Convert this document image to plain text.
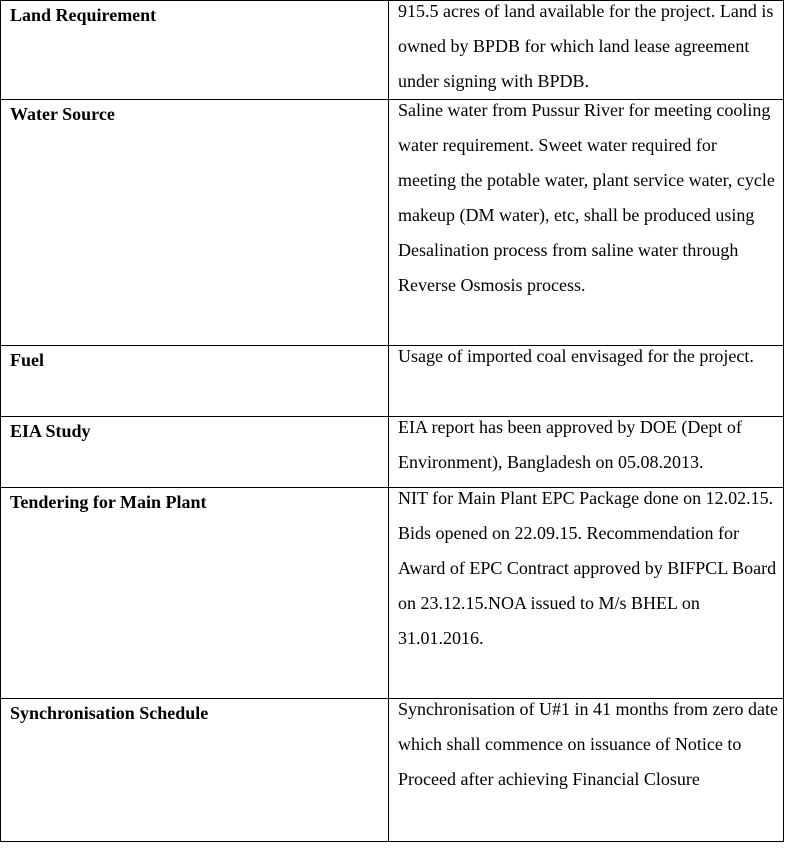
Land Requirement	915.5 acres of land available for the project. Land is owned by BPDB for which land lease agreement under signing with BPDB.

Water Source	Saline water from Pussur River for meeting cooling water requirement. Sweet water required for meeting the potable water, plant service water, cycle makeup (DM water), etc, shall be produced using Desalination process from saline water through Reverse Osmosis process.

Fuel	Usage of imported coal envisaged for the project.

EIA Study	EIA report has been approved by DOE (Dept of Environment), Bangladesh on 05.08.2013.

Tendering for Main Plant	NIT for Main Plant EPC Package done on 12.02.15. Bids opened on 22.09.15. Recommendation for Award of EPC Contract approved by BIFPCL Board on 23.12.15.NOA issued to M/s BHEL on 31.01.2016.

Synchronisation Schedule	Synchronisation of U#1 in 41 months from zero date which shall commence on issuance of Notice to Proceed after achieving Financial Closure
